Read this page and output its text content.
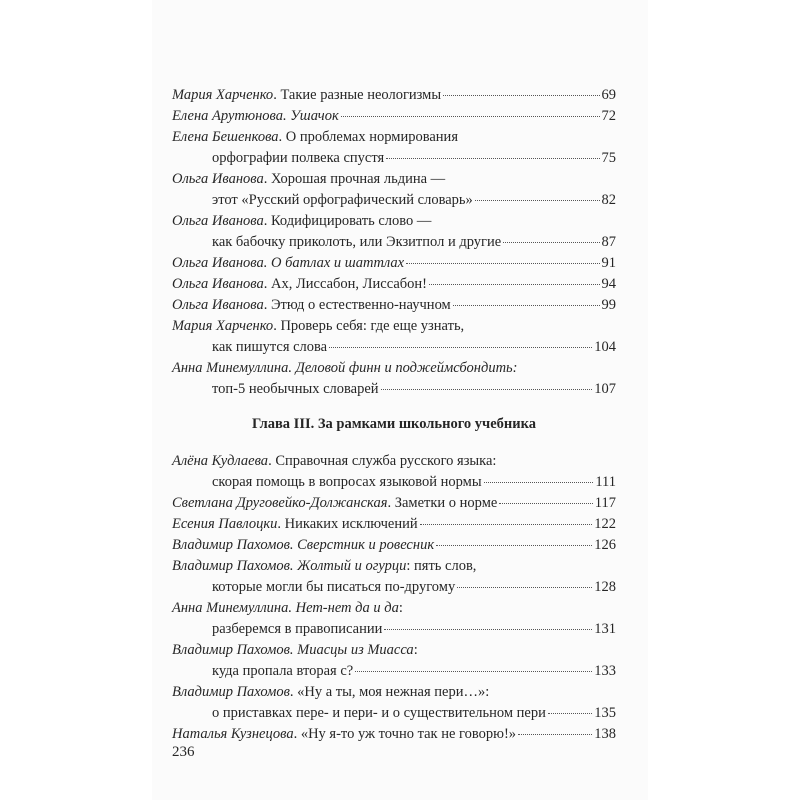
Мария Харченко. Такие разные неологизмы	69
Елена Арутюнова. Ушачок	72
Елена Бешенкова. О проблемах нормирования
орфографии полвека спустя	75
Ольга Иванова. Хорошая прочная льдина —
этот «Русский орфографический словарь»	82
Ольга Иванова. Кодифицировать слово —
как бабочку приколоть, или Экзитпол и другие	87
Ольга Иванова. О батлах и шаттлах	91
Ольга Иванова. Ах, Лиссабон, Лиссабон!	94
Ольга Иванова. Этюд о естественно-научном	99
Мария Харченко. Проверь себя: где еще узнать,
как пишутся слова	104
Анна Минемуллина. Деловой финн и поджеймсбондить:
топ-5 необычных словарей	107
Глава III. За рамками школьного учебника
Алёна Кудлаева. Справочная служба русского языка:
скорая помощь в вопросах языковой нормы	111
Светлана Друговейко-Должанская. Заметки о норме	117
Есения Павлоцки. Никаких исключений	122
Владимир Пахомов. Сверстник и ровесник	126
Владимир Пахомов. Жолтый и огурци: пять слов,
которые могли бы писаться по-другому	128
Анна Минемуллина. Нет-нет да и да:
разберемся в правописании	131
Владимир Пахомов. Миасцы из Миасса:
куда пропала вторая с?	133
Владимир Пахомов. «Ну а ты, моя нежная пери…»:
о приставках пере- и пери- и о существительном пери	135
Наталья Кузнецова. «Ну я-то уж точно так не говорю!»	138
236
